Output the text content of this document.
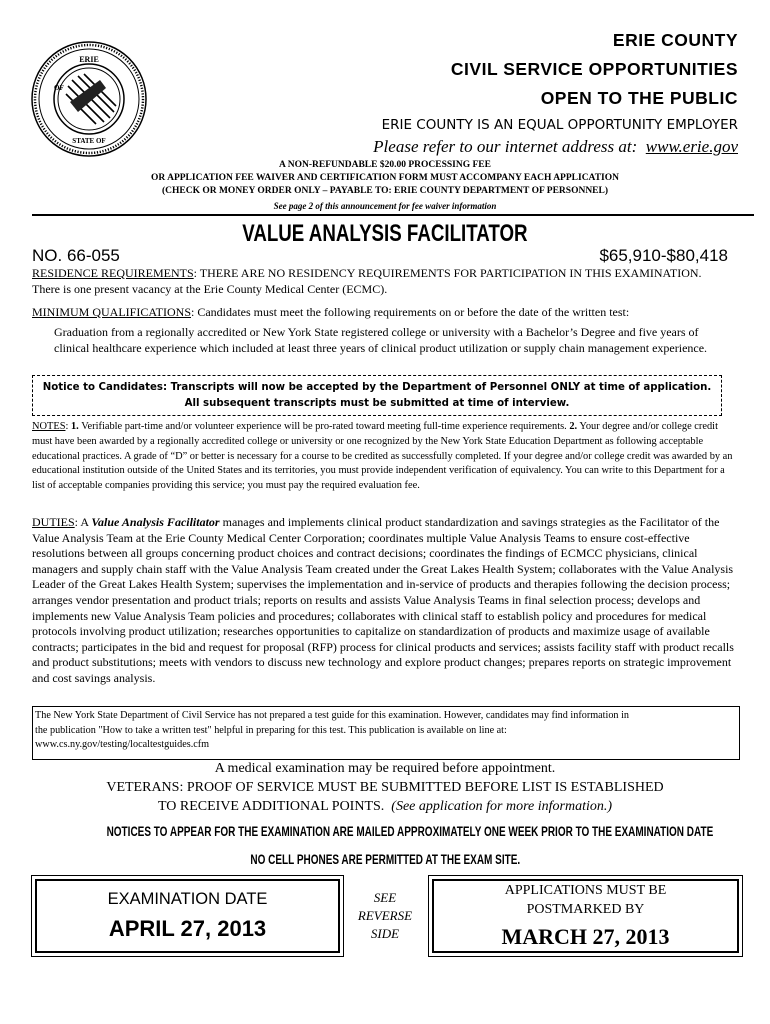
ERIE
OF
STATE OF
ERIE COUNTY
CIVIL SERVICE OPPORTUNITIES
OPEN TO THE PUBLIC
ERIE COUNTY IS AN EQUAL OPPORTUNITY EMPLOYER
Please refer to our internet address at: www.erie.gov
A NON-REFUNDABLE $20.00 PROCESSING FEE
OR APPLICATION FEE WAIVER AND CERTIFICATION FORM MUST ACCOMPANY EACH APPLICATION
(CHECK OR MONEY ORDER ONLY – PAYABLE TO: ERIE COUNTY DEPARTMENT OF PERSONNEL)
See page 2 of this announcement for fee waiver information
VALUE ANALYSIS FACILITATOR
NO. 66-055	$65,910-$80,418
RESIDENCE REQUIREMENTS: THERE ARE NO RESIDENCY REQUIREMENTS FOR PARTICIPATION IN THIS EXAMINATION. There is one present vacancy at the Erie County Medical Center (ECMC).
MINIMUM QUALIFICATIONS: Candidates must meet the following requirements on or before the date of the written test:
Graduation from a regionally accredited or New York State registered college or university with a Bachelor’s Degree and five years of clinical healthcare experience which included at least three years of clinical product utilization or supply chain management experience.
Notice to Candidates: Transcripts will now be accepted by the Department of Personnel ONLY at time of application.
All subsequent transcripts must be submitted at time of interview.
NOTES: 1. Verifiable part-time and/or volunteer experience will be pro-rated toward meeting full-time experience requirements. 2. Your degree and/or college credit must have been awarded by a regionally accredited college or university or one recognized by the New York State Education Department as following acceptable educational practices. A grade of “D” or better is necessary for a course to be credited as successfully completed. If your degree and/or college credit was awarded by an educational institution outside of the United States and its territories, you must provide independent verification of equivalency. You can write to this Department for a list of acceptable companies providing this service; you must pay the required evaluation fee.
DUTIES: A Value Analysis Facilitator manages and implements clinical product standardization and savings strategies as the Facilitator of the Value Analysis Team at the Erie County Medical Center Corporation; coordinates multiple Value Analysis Teams to ensure cost-effective resolutions between all groups concerning product choices and contract decisions; coordinates the findings of ECMCC physicians, clinical managers and supply chain staff with the Value Analysis Team created under the Great Lakes Health System; collaborates with the Value Analysis Leader of the Great Lakes Health System; supervises the implementation and in-service of products and therapies following the decision process; arranges vendor presentation and product trials; reports on results and assists Value Analysis Teams in final selection process; develops and implements new Value Analysis Team policies and procedures; collaborates with clinical staff to establish policy and procedures for medical protocols involving product utilization; researches opportunities to capitalize on standardization of products and maximize usage of available contracts; participates in the bid and request for proposal (RFP) process for clinical products and services; assists facility staff with product recalls and product substitutions; meets with vendors to discuss new technology and explore product changes; prepares reports on strategic improvement and cost savings analysis.
The New York State Department of Civil Service has not prepared a test guide for this examination. However, candidates may find information in
the publication "How to take a written test" helpful in preparing for this test. This publication is available on line at:
www.cs.ny.gov/testing/localtestguides.cfm
A medical examination may be required before appointment.
VETERANS: PROOF OF SERVICE MUST BE SUBMITTED BEFORE LIST IS ESTABLISHED
TO RECEIVE ADDITIONAL POINTS. (See application for more information.)
NOTICES TO APPEAR FOR THE EXAMINATION ARE MAILED APPROXIMATELY ONE WEEK PRIOR TO THE EXAMINATION DATE
NO CELL PHONES ARE PERMITTED AT THE EXAM SITE.
EXAMINATION DATE
APRIL 27, 2013
SEE
REVERSE
SIDE
APPLICATIONS MUST BE
POSTMARKED BY
MARCH 27, 2013
